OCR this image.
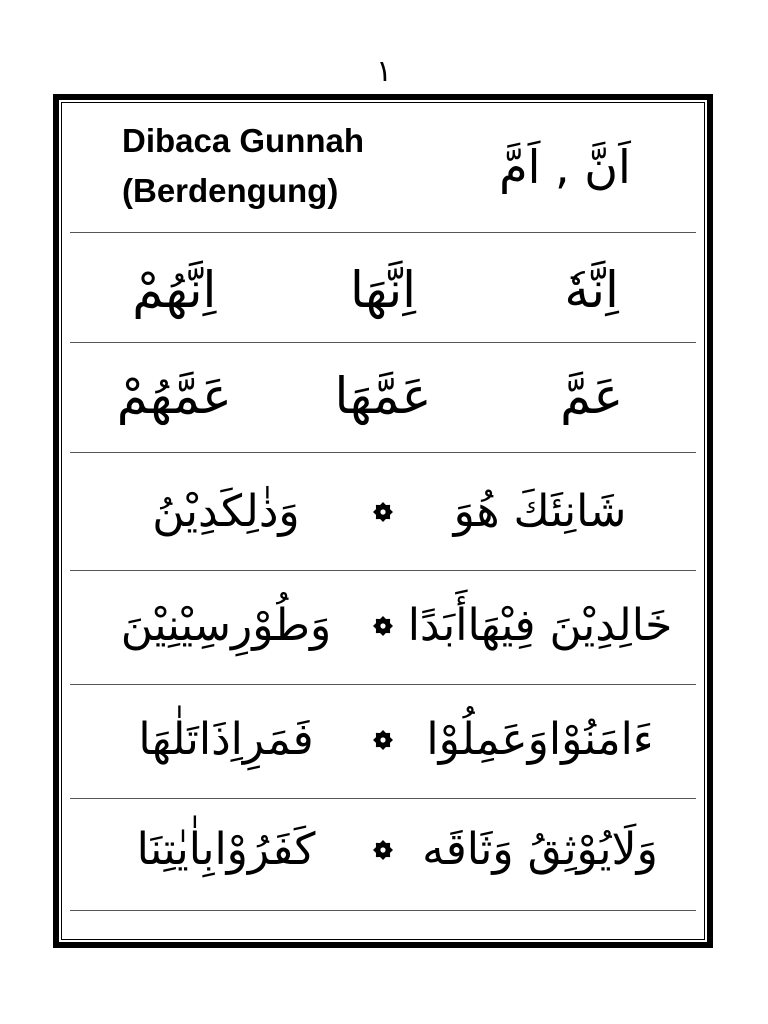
١
Dibaca Gunnah
(Berdengung)	اَنَّ , اَمَّ
اِنَّهٗ
اِنَّهَا
اِنَّهُمْ
عَمَّ
عَمَّهَا
عَمَّهُمْ
شَانِئَكَ هُوَ
وَذٰلِكَدِيْنُ
خَالِدِيْنَ فِيْهَاأَبَدًا
وَطُوْرِسِيْنِيْنَ
ءَامَنُوْاوَعَمِلُوْا
فَمَرِاِذَاتَلٰهَا
وَلَايُوْثِقُ وَثَاقَه
كَفَرُوْابِاٰيٰتِنَا
